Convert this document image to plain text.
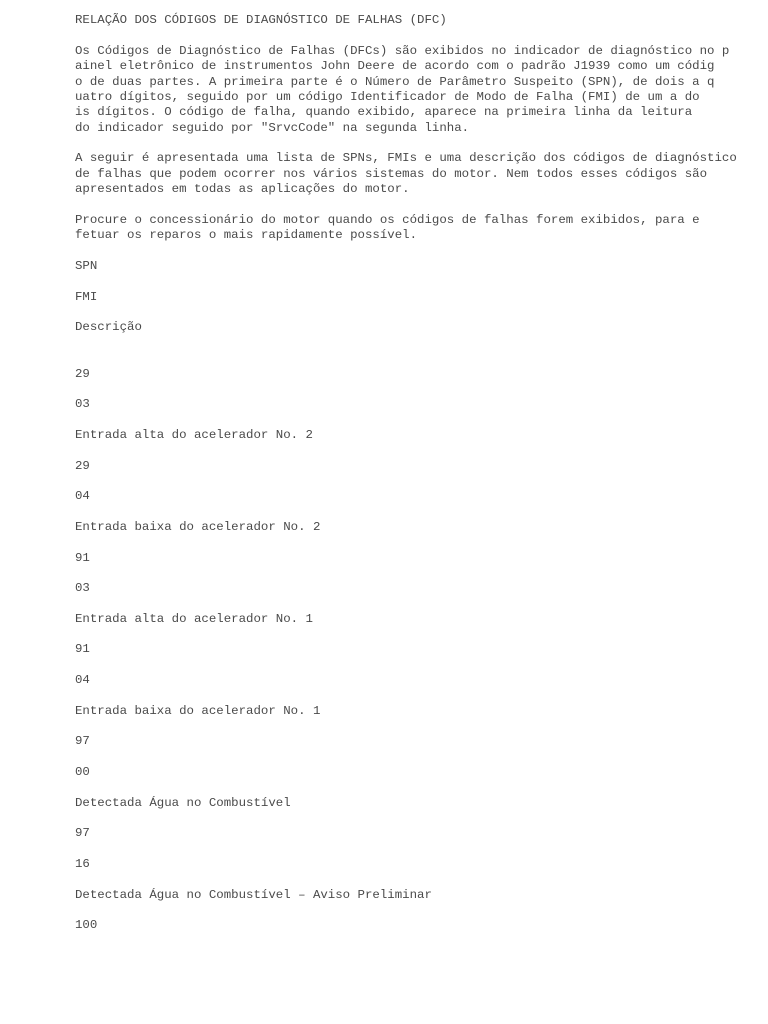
RELAÇÃO DOS CÓDIGOS DE DIAGNÓSTICO DE FALHAS (DFC)
Os Códigos de Diagnóstico de Falhas (DFCs) são exibidos no indicador de diagnóstico no p
ainel eletrônico de instrumentos John Deere de acordo com o padrão J1939 como um códig
o de duas partes. A primeira parte é o Número de Parâmetro Suspeito (SPN), de dois a q
uatro dígitos, seguido por um código Identificador de Modo de Falha (FMI) de um a do
is dígitos. O código de falha, quando exibido, aparece na primeira linha da leitura
do indicador seguido por "SrvcCode" na segunda linha.
A seguir é apresentada uma lista de SPNs, FMIs e uma descrição dos códigos de diagnóstico
de falhas que podem ocorrer nos vários sistemas do motor. Nem todos esses códigos são
apresentados em todas as aplicações do motor.
Procure o concessionário do motor quando os códigos de falhas forem exibidos, para e
fetuar os reparos o mais rapidamente possível.
SPN
FMI
Descrição
29
03
Entrada alta do acelerador No. 2
29
04
Entrada baixa do acelerador No. 2
91
03
Entrada alta do acelerador No. 1
91
04
Entrada baixa do acelerador No. 1
97
00
Detectada Água no Combustível
97
16
Detectada Água no Combustível – Aviso Preliminar
100
